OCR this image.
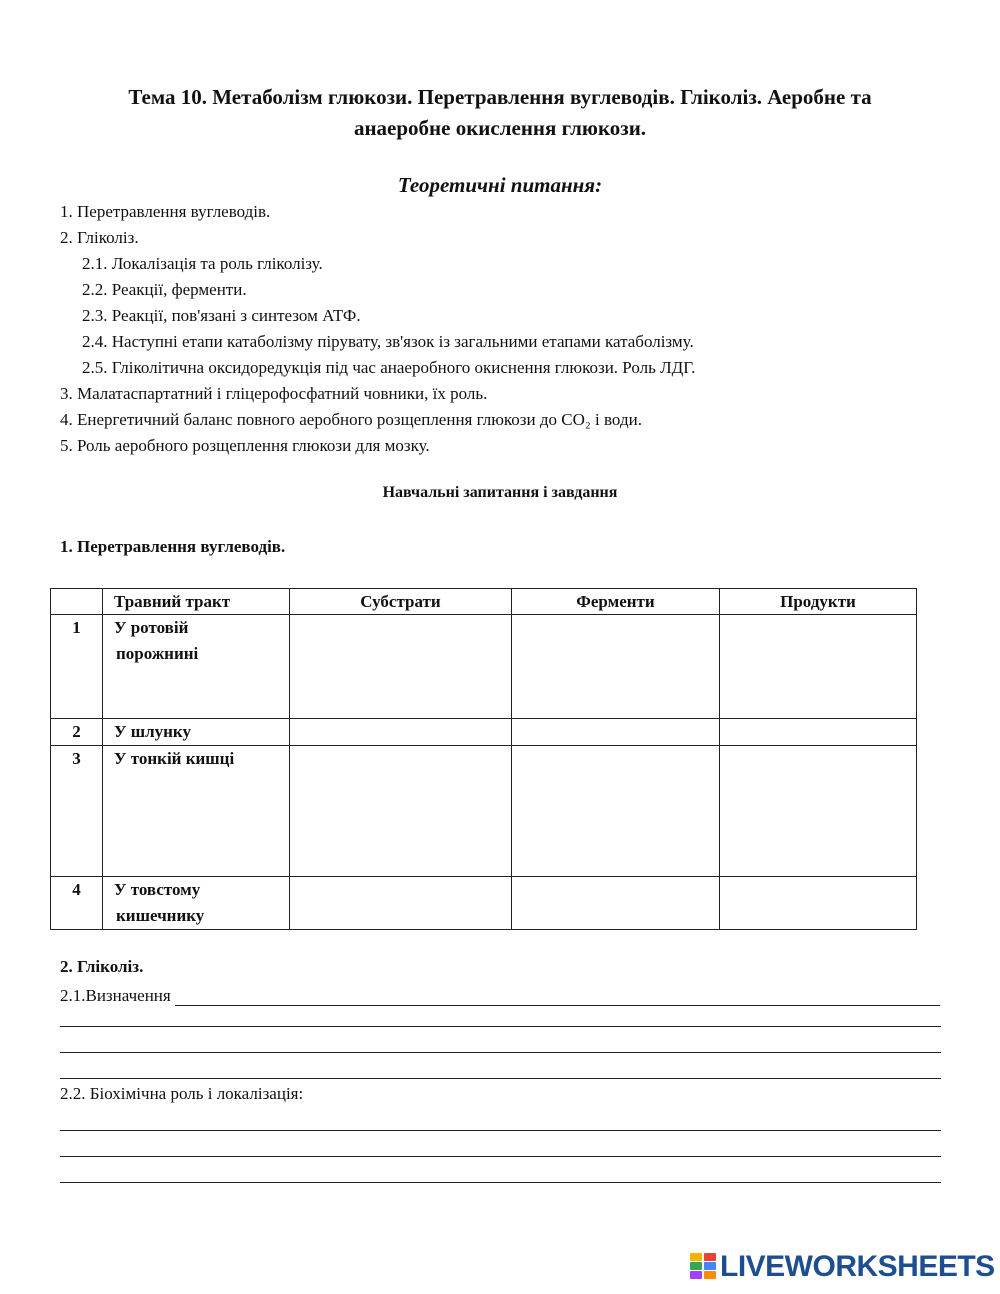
Тема 10. Метаболізм глюкози. Перетравлення вуглеводів. Гліколіз. Аеробне та
анаеробне окислення глюкози.
Теоретичні питання:
1. Перетравлення вуглеводів.
2. Гліколіз.
2.1. Локалізація та роль гліколізу.
2.2. Реакції, ферменти.
2.3. Реакції, пов'язані з синтезом АТФ.
2.4. Наступні етапи катаболізму пірувату, зв'язок із загальними етапами катаболізму.
2.5. Гліколітична оксидоредукція під час анаеробного окиснення глюкози. Роль ЛДГ.
3. Малатаспартатний і гліцерофосфатний човники, їх роль.
4. Енергетичний баланс повного аеробного розщеплення глюкози до СО₂ і води.
5. Роль аеробного розщеплення глюкози для мозку.
Навчальні запитання і завдання
1. Перетравлення вуглеводів.
	Травний тракт	Субстрати	Ферменти	Продукти
1	У ротовій
порожнині			

2	У шлунку			
3	У тонкій кишці			
4	У товстому
кишечнику			

2. Гліколіз.
2.1.Визначення
2.2. Біохімічна роль і локалізація:
LIVEWORKSHEETS
